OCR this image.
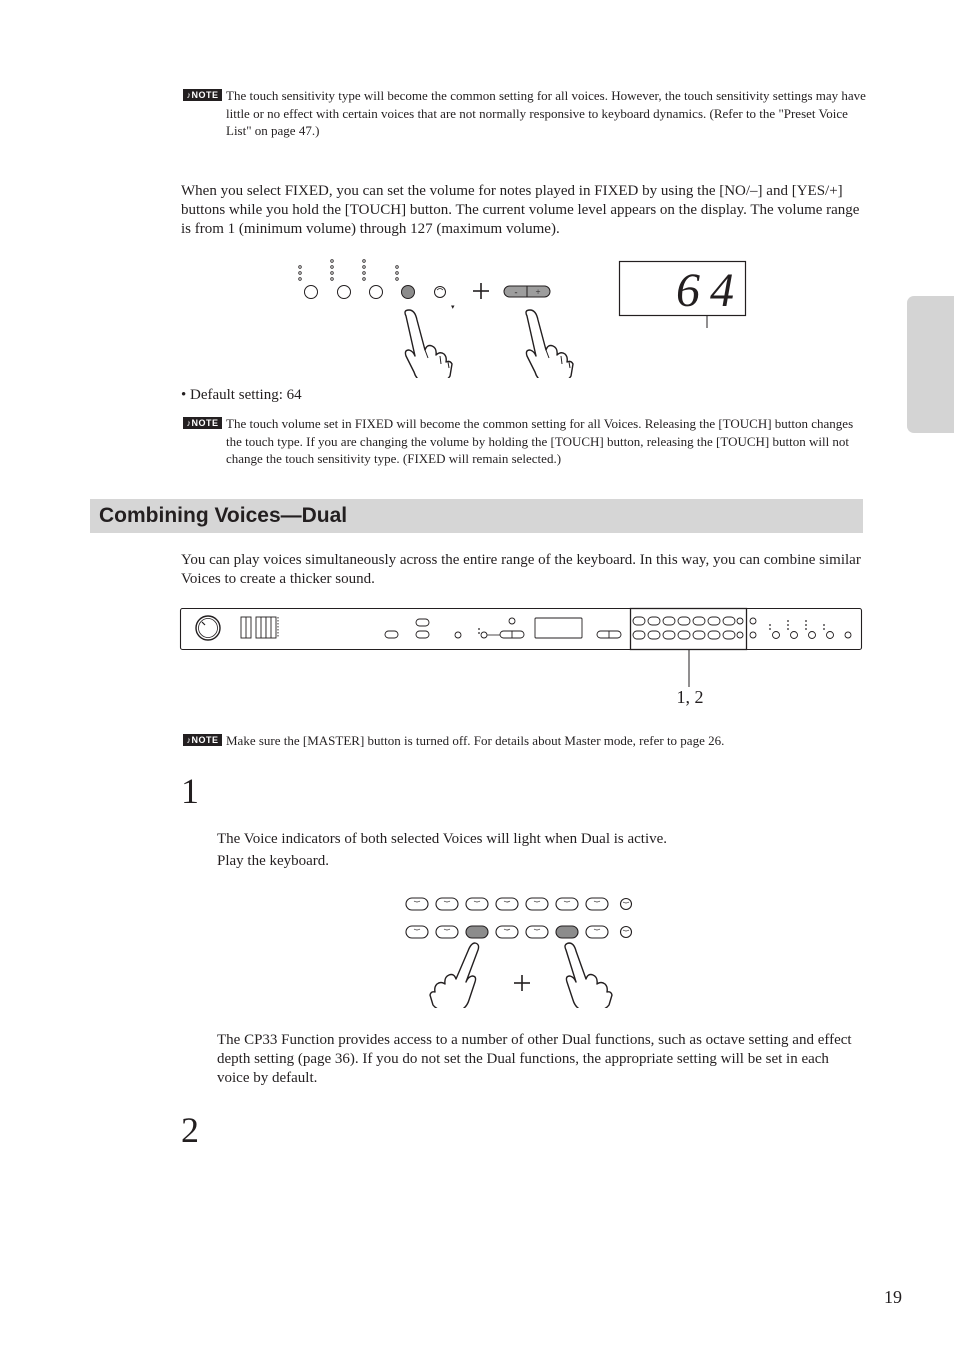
♪NOTE The touch sensitivity type will become the common setting for all voices. However, the touch sensitivity settings may have little or no effect with certain voices that are not normally responsive to keyboard dynamics. (Refer to the "Preset Voice List" on page 47.)

When you select FIXED, you can set the volume for notes played in FIXED by using the [NO/–] and [YES/+] buttons while you hold the [TOUCH] button. The current volume level appears on the display. The volume range is from 1 (minimum volume) through 127 (maximum volume).

▾
- +	64

• Default setting: 64

♪NOTE The touch volume set in FIXED will become the common setting for all Voices. Releasing the [TOUCH] button changes the touch type. If you are changing the volume by holding the [TOUCH] button, releasing the [TOUCH] button will not change the touch sensitivity type. (FIXED will remain selected.)

Combining Voices—Dual

You can play voices simultaneously across the entire range of the keyboard. In this way, you can combine similar Voices to create a thicker sound.

1, 2
♪NOTE Make sure the [MASTER] button is turned off. For details about Master mode, refer to page 26.

1

The Voice indicators of both selected Voices will light when Dual is active.

Play the keyboard.

The CP33 Function provides access to a number of other Dual functions, such as octave setting and effect depth setting (page 36). If you do not set the Dual functions, the appropriate setting will be set in each voice by default.

2
19
